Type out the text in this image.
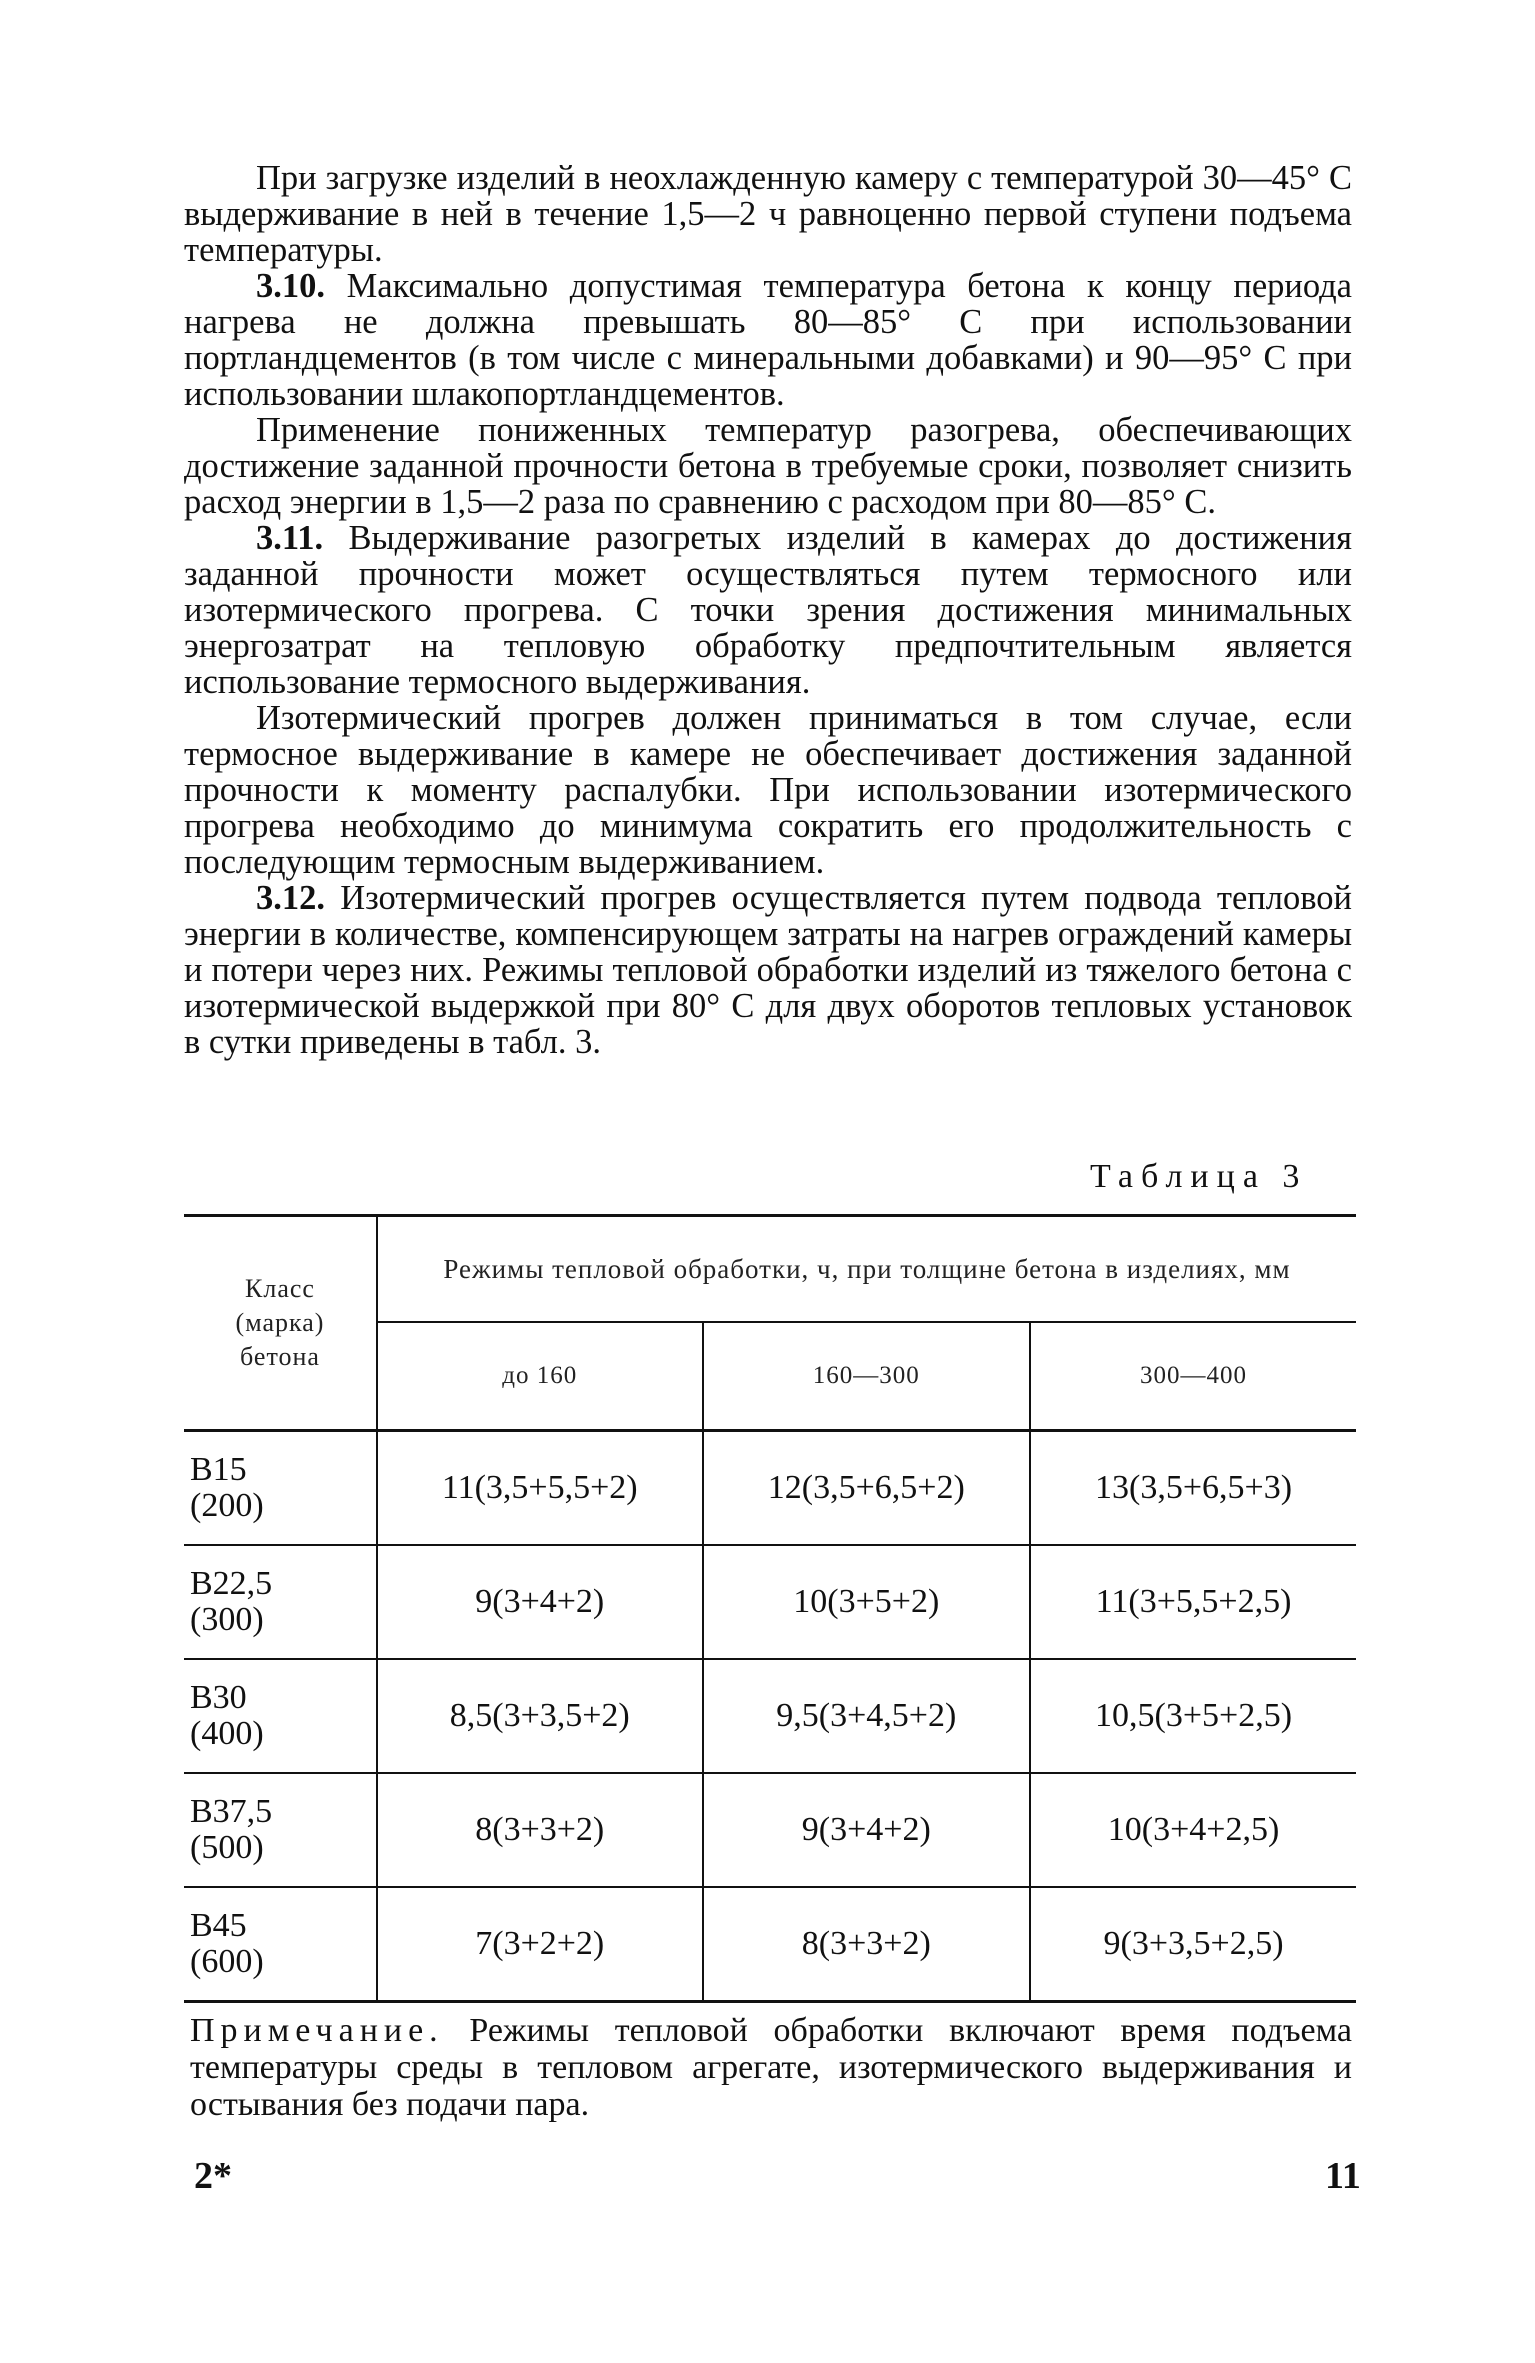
При загрузке изделий в неохлажденную камеру с температурой 30—45° С выдерживание в ней в течение 1,5—2 ч равноценно первой ступени подъема температуры.

3.10. Максимально допустимая температура бетона к концу периода нагрева не должна превышать 80—85° С при использовании портландцементов (в том числе с минеральными добавками) и 90—95° С при использовании шлакопортландцементов.

Применение пониженных температур разогрева, обеспечивающих достижение заданной прочности бетона в требуемые сроки, позволяет снизить расход энергии в 1,5—2 раза по сравнению с расходом при 80—85° С.

3.11. Выдерживание разогретых изделий в камерах до достижения заданной прочности может осуществляться путем термосного или изотермического прогрева. С точки зрения достижения минимальных энергозатрат на тепловую обработку предпочтительным является использование термосного выдерживания.

Изотермический прогрев должен приниматься в том случае, если термосное выдерживание в камере не обеспечивает достижения заданной прочности к моменту распалубки. При использовании изотермического прогрева необходимо до минимума сократить его продолжительность с последующим термосным выдерживанием.

3.12. Изотермический прогрев осуществляется путем подвода тепловой энергии в количестве, компенсирующем затраты на нагрев ограждений камеры и потери через них. Режимы тепловой обработки изделий из тяжелого бетона с изотермической выдержкой при 80° С для двух оборотов тепловых установок в сутки приведены в табл. 3.

Таблица 3
Класс
(марка)
бетона	Режимы тепловой обработки, ч, при толщине бетона в изделиях, мм		
	до 160	160—300	300—400

В15
(200)	11(3,5+5,5+2)	12(3,5+6,5+2)	13(3,5+6,5+3)

В22,5
(300)	9(3+4+2)	10(3+5+2)	11(3+5,5+2,5)

В30
(400)	8,5(3+3,5+2)	9,5(3+4,5+2)	10,5(3+5+2,5)

В37,5
(500)	8(3+3+2)	9(3+4+2)	10(3+4+2,5)

В45
(600)	7(3+2+2)	8(3+3+2)	9(3+3,5+2,5)
Примечание. Режимы тепловой обработки включают время подъема температуры среды в тепловом агрегате, изотермического выдерживания и остывания без подачи пара.
2*	11
